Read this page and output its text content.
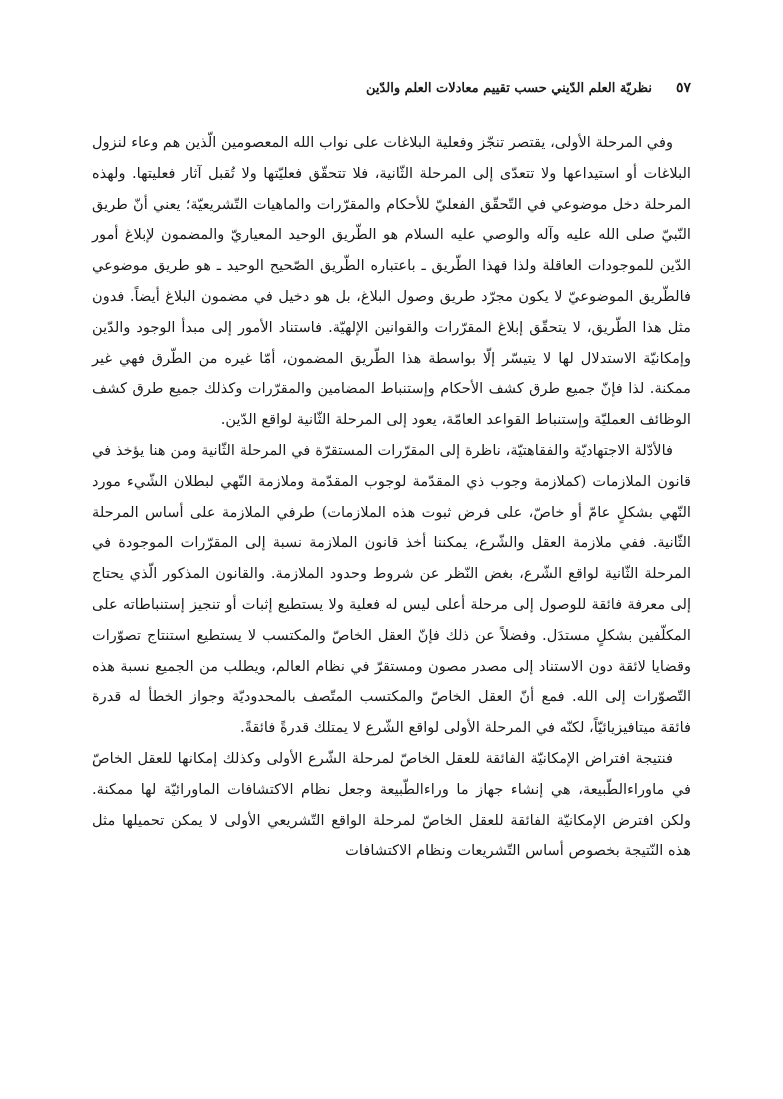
٥٧
نظريّة العلم الدّيني حسب تقييم معادلات العلم والدّين

وفي المرحلة الأولى، يقتصر تنجّز وفعلية البلاغات على نواب الله المعصومين الّذين هم وعاء لنزول البلاغات أو استيداعها ولا تتعدّى إلى المرحلة الثّانية، فلا تتحقّق فعليّتها ولا تُقبل آثار فعليتها. ولهذه المرحلة دخل موضوعي في التّحقّق الفعليّ للأحكام والمقرّرات والماهيات التّشريعيّة؛ يعني أنّ طريق النّبيّ صلى الله عليه وآله والوصي عليه السلام هو الطّريق الوحيد المعياريّ والمضمون لإبلاغ أمور الدّين للموجودات العاقلة ولذا فهذا الطّريق ـ باعتباره الطّريق الصّحيح الوحيد ـ هو طريق موضوعي فالطّريق الموضوعيّ لا يكون مجرّد طريق وصول البلاغ، بل هو دخيل في مضمون البلاغ أيضاً. فدون مثل هذا الطّريق، لا يتحقّق إبلاغ المقرّرات والقوانين الإلهيّة. فاستناد الأمور إلى مبدأ الوجود والدّين وإمكانيّة الاستدلال لها لا يتيسّر إلّا بواسطة هذا الطّريق المضمون، أمّا غيره من الطّرق فهي غير ممكنة. لذا فإنّ جميع طرق كشف الأحكام وإستنباط المضامين والمقرّرات وكذلك جميع طرق كشف الوظائف العمليّة وإستنباط القواعد العامّة، يعود إلى المرحلة الثّانية لواقع الدّين.

فالأدّلة الاجتهاديّة والفقاهتيّة، ناظرة إلى المقرّرات المستقرّة في المرحلة الثّانية ومن هنا يؤخذ في قانون الملازمات (كملازمة وجوب ذي المقدّمة لوجوب المقدّمة وملازمة النّهي لبطلان الشّيء مورد النّهي بشكلٍ عامّ أو خاصّ، على فرض ثبوت هذه الملازمات) طرفي الملازمة على أساس المرحلة الثّانية. ففي ملازمة العقل والشّرع، يمكننا أخذ قانون الملازمة نسبة إلى المقرّرات الموجودة في المرحلة الثّانية لواقع الشّرع، بغض النّظر عن شروط وحدود الملازمة. والقانون المذكور الّذي يحتاج إلى معرفة فائقة للوصول إلى مرحلة أعلى ليس له فعلية ولا يستطيع إثبات أو تنجيز إستنباطاته على المكلّفين بشكلٍ مستدَل. وفضلاً عن ذلك فإنّ العقل الخاصّ والمكتسب لا يستطيع استنتاج تصوّرات وقضايا لائقة دون الاستناد إلى مصدر مصون ومستقرّ في نظام العالم، ويطلب من الجميع نسبة هذه التّصوّرات إلى الله. فمع أنّ العقل الخاصّ والمكتسب المتّصف بالمحدوديّة وجواز الخطأ له قدرة فائقة ميتافيزيائيّاً، لكنّه في المرحلة الأولى لواقع الشّرع لا يمتلك قدرةً فائقةً.

فنتيجة افتراض الإمكانيّة الفائقة للعقل الخاصّ لمرحلة الشّرع الأولى وكذلك إمكانها للعقل الخاصّ في ماوراءالطّبيعة، هي إنشاء جهاز ما وراءالطّبيعة وجعل نظام الاكتشافات الماورائيّة لها ممكنة. ولكن افترض الإمكانيّة الفائقة للعقل الخاصّ لمرحلة الواقع التّشريعي الأولى لا يمكن تحميلها مثل هذه النّتيجة بخصوص أساس التّشريعات ونظام الاكتشافات
